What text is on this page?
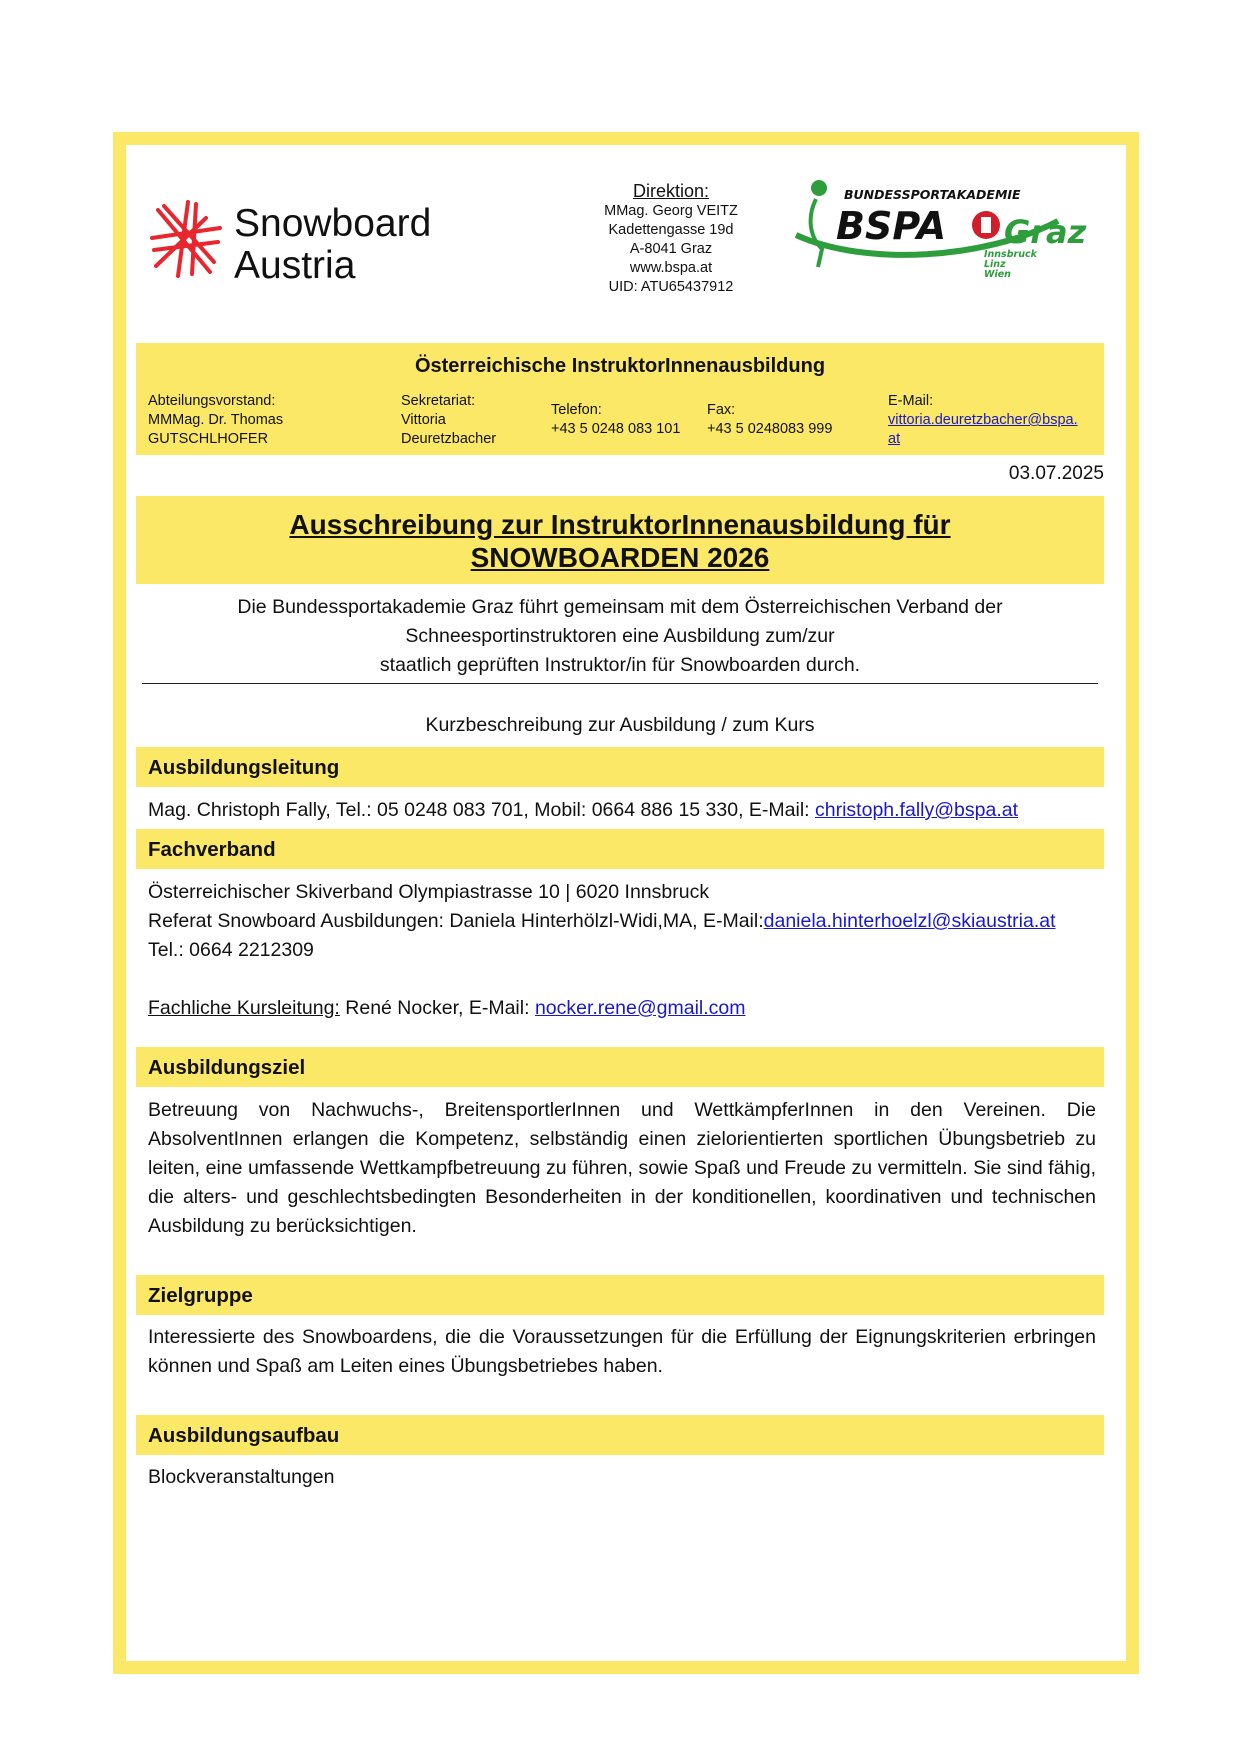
Snowboard
Austria
Direktion:
MMag. Georg VEITZ
Kadettengasse 19d
A-8041 Graz
www.bspa.at
UID: ATU65437912
BUNDESSPORTAKADEMIE
BSPA Graz
Innsbruck
Linz
Wien
Österreichische InstruktorInnenausbildung
Abteilungsvorstand:
MMMag. Dr. Thomas
GUTSCHLHOFER
Sekretariat:
Vittoria
Deuretzbacher
Telefon:
+43 5 0248 083 101
Fax:
+43 5 0248083 999
E-Mail:
vittoria.deuretzbacher@bspa.
at
03.07.2025
Ausschreibung zur InstruktorInnenausbildung für
SNOWBOARDEN 2026
Die Bundessportakademie Graz führt gemeinsam mit dem Österreichischen Verband der
Schneesportinstruktoren eine Ausbildung zum/zur
staatlich geprüften Instruktor/in für Snowboarden durch.
Kurzbeschreibung zur Ausbildung / zum Kurs
Ausbildungsleitung
Mag. Christoph Fally, Tel.: 05 0248 083 701, Mobil: 0664 886 15 330, E-Mail: christoph.fally@bspa.at
Fachverband
Österreichischer Skiverband Olympiastrasse 10 | 6020 Innsbruck
Referat Snowboard Ausbildungen: Daniela Hinterhölzl-Widi,MA, E-Mail:daniela.hinterhoelzl@skiaustria.at
Tel.: 0664 2212309
Fachliche Kursleitung: René Nocker, E-Mail: nocker.rene@gmail.com
Ausbildungsziel
Betreuung von Nachwuchs-, BreitensportlerInnen und WettkämpferInnen in den Vereinen. Die AbsolventInnen erlangen die Kompetenz, selbständig einen zielorientierten sportlichen Übungsbetrieb zu leiten, eine umfassende Wettkampfbetreuung zu führen, sowie Spaß und Freude zu vermitteln. Sie sind fähig, die alters- und geschlechtsbedingten Besonderheiten in der konditionellen, koordinativen und technischen Ausbildung zu berücksichtigen.
Zielgruppe
Interessierte des Snowboardens, die die Voraussetzungen für die Erfüllung der Eignungskriterien erbringen können und Spaß am Leiten eines Übungsbetriebes haben.
Ausbildungsaufbau
Blockveranstaltungen
